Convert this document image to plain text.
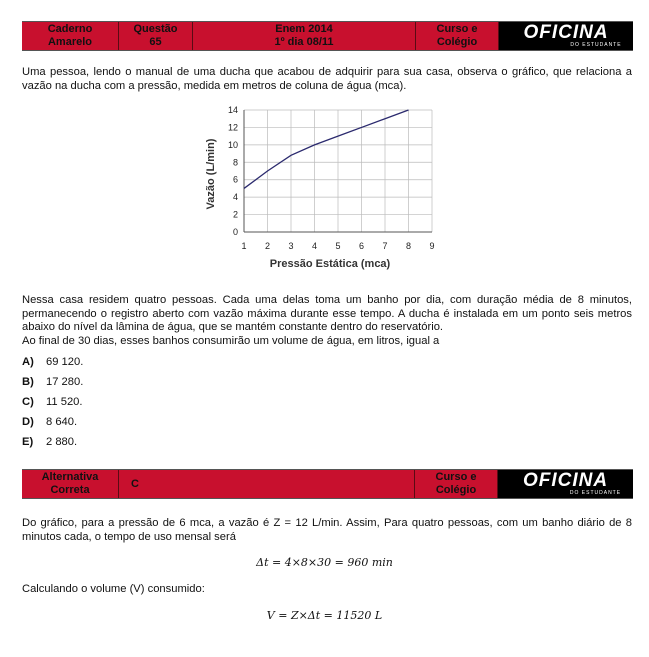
Caderno
Amarelo
Questão
65
Enem 2014
1º dia 08/11
Curso e
Colégio OFICINA
DO ESTUDANTE
Uma pessoa, lendo o manual de uma ducha que acabou de adquirir para sua casa, observa o gráfico, que relaciona a vazão na ducha com a pressão, medida em metros de coluna de água (mca).
1 2 3 4 5 6 7 8 9
0
2
4
6
8
10
12
14
Vazão (L/min)
Pressão Estática (mca)
Nessa casa residem quatro pessoas. Cada uma delas toma um banho por dia, com duração média de 8 minutos, permanecendo o registro aberto com vazão máxima durante esse tempo. A ducha é instalada em um ponto seis metros abaixo do nível da lâmina de água, que se mantém constante dentro do reservatório.
Ao final de 30 dias, esses banhos consumirão um volume de água, em litros, igual a
A) 69 120.
B) 17 280.
C) 11 520.
D) 8 640.
E) 2 880.
Alternativa
Correta
C
Curso e
Colégio OFICINA
DO ESTUDANTE
Do gráfico, para a pressão de 6 mca, a vazão é Z = 12 L/min. Assim, Para quatro pessoas, com um banho diário de 8 minutos cada, o tempo de uso mensal será
Δt = 4×8×30 = 960 min
Calculando o volume (V) consumido:
V = Z×Δt = 11520 L
